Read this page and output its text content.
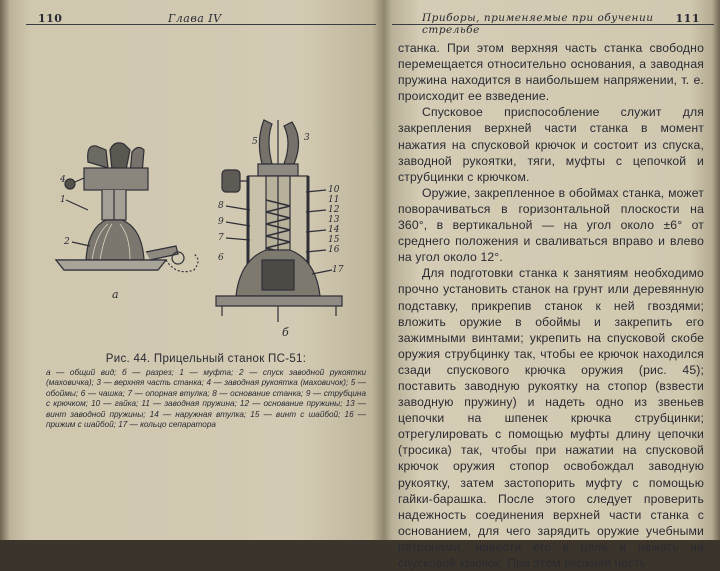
110	Глава IV
4
1
2
а
5	3
8
9
7
6
10
11
12
13
14
15
16
17
б
Рис. 44. Прицельный станок ПС-51:
а — общий вид; б — разрез; 1 — муфта; 2 — спуск заводной рукоятки (маховичка); 3 — верхняя часть станка; 4 — заводная рукоятка (маховичок); 5 — обоймы; 6 — чашка; 7 — опорная втулка; 8 — основание станка; 9 — струбцина с крючком; 10 — гайка; 11 — заводная пружина; 12 — основание пружины; 13 — винт заводной пружины; 14 — наружная втулка; 15 — винт с шайбой; 16 — прижим с шайбой; 17 — кольцо сепаратора
Приборы, применяемые при обучении стрельбе
111

станка. При этом верхняя часть станка свободно перемещается относительно основания, а заводная пружина находится в наибольшем напряжении, т. е. происходит ее взведение.

Спусковое приспособление служит для закрепления верхней части станка в момент нажатия на спусковой крючок и состоит из спуска, заводной рукоятки, тяги, муфты с цепочкой и струбцинки с крючком.

Оружие, закрепленное в обоймах станка, может поворачиваться в горизонтальной плоскости на 360°, в вертикальной — на угол около ±6° от среднего положения и сваливаться вправо и влево на угол около 12°.

Для подготовки станка к занятиям необходимо прочно установить станок на грунт или деревянную подставку, прикрепив станок к ней гвоздями; вложить оружие в обоймы и закрепить его зажимными винтами; укрепить на спусковой скобе оружия струбцинку так, чтобы ее крючок находился сзади спускового крючка оружия (рис. 45); поставить заводную рукоятку на стопор (взвести заводную пружину) и надеть одно из звеньев цепочки на шпенек крючка струбцинки; отрегулировать с помощью муфты длину цепочки (тросика) так, чтобы при нажатии на спусковой крючок оружия стопор освобождал заводную рукоятку, затем застопорить муфту с помощью гайки-барашка. После этого следует проверить надежность соединения верхней части станка с основанием, для чего зарядить оружие учебными патронами, навести его в цель и нажать на спусковой крючок. При этом верхняя часть
